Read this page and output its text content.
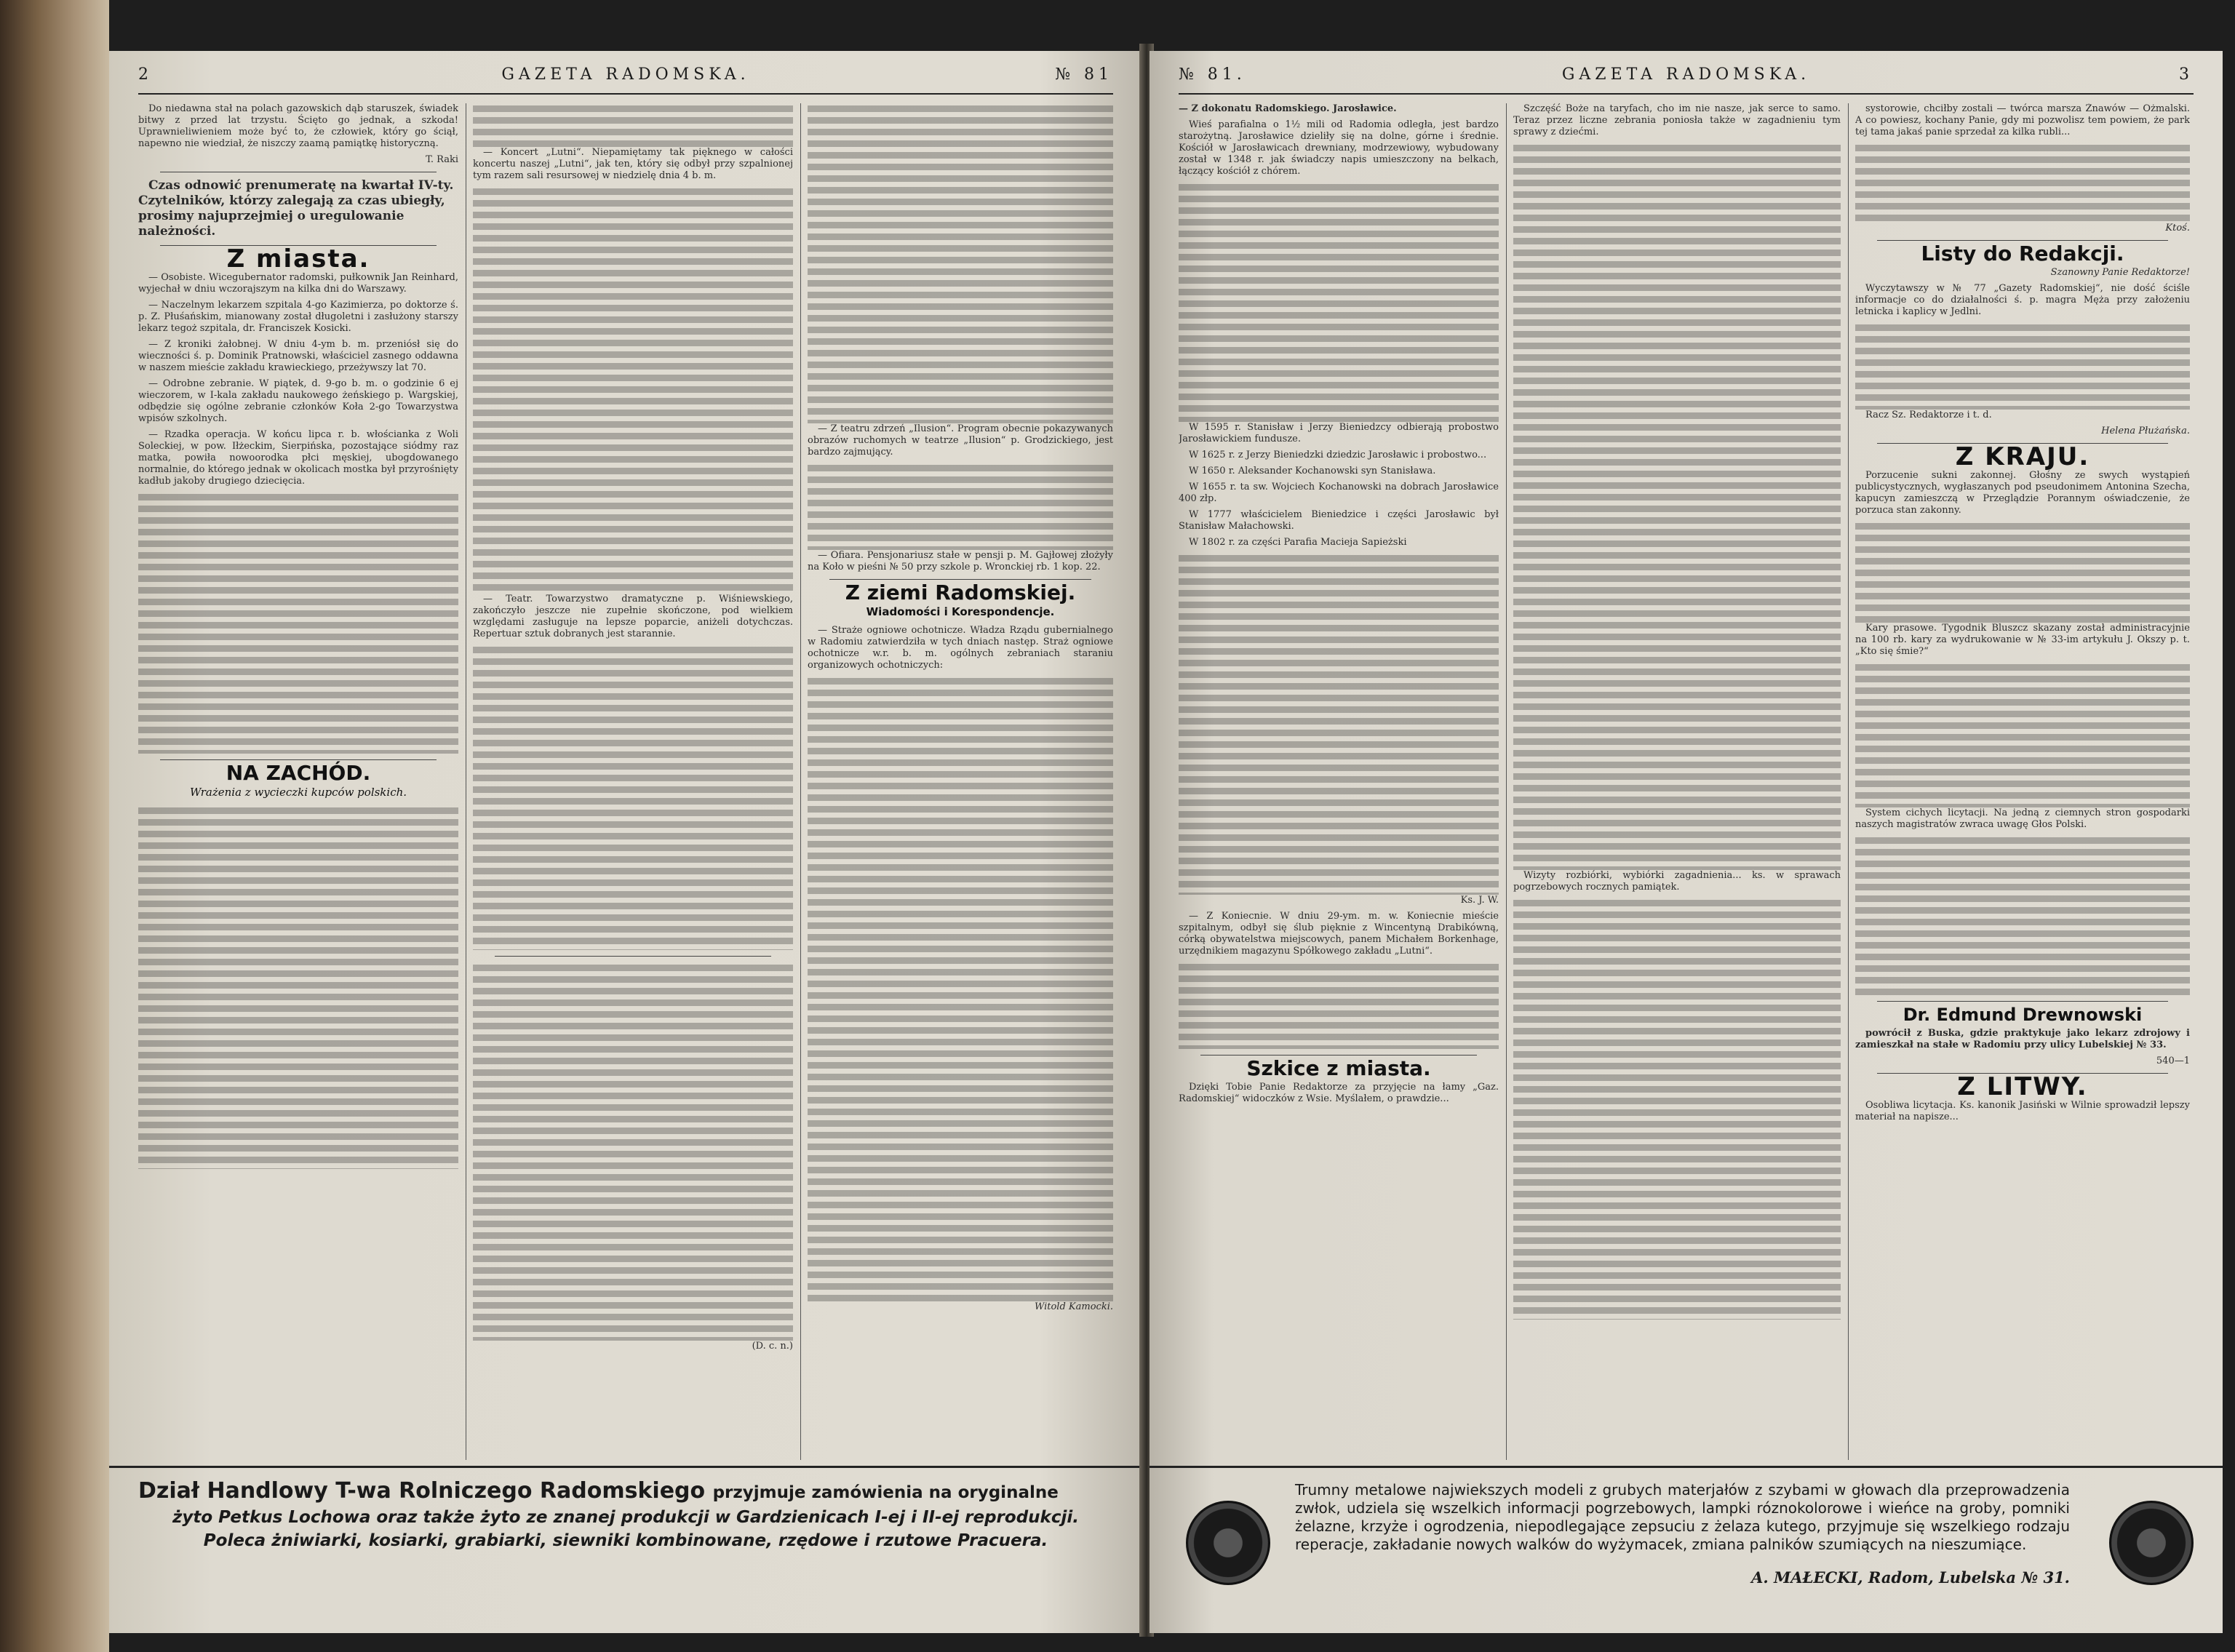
2	GAZETA RADOMSKA.	№ 81

Do niedawna stał na polach gazowskich dąb staruszek, świadek bitwy z przed lat trzystu. Ścięto go jednak, a szkoda! Uprawnieliwieniem może być to, że człowiek, który go ściął, napewno nie wiedział, że niszczy zaamą pamiątkę historyczną.

T. Raki

Czas odnowić prenumeratę na kwartał IV-ty. Czytelników, którzy zalegają za czas ubiegły, prosimy najuprzejmiej o uregulowanie należności.

Z miasta.

— Osobiste. Wicegubernator radomski, pułkownik Jan Reinhard, wyjechał w dniu wczorajszym na kilka dni do Warszawy.

— Naczelnym lekarzem szpitala 4-go Kazimierza, po doktorze ś. p. Z. Płuśańskim, mianowany został długoletni i zasłużony starszy lekarz tegoż szpitala, dr. Franciszek Kosicki.

— Z kroniki żałobnej. W dniu 4-ym b. m. przeniósł się do wieczności ś. p. Dominik Pratnowski, właściciel zasnego oddawna w naszem mieście zakładu krawieckiego, przeżywszy lat 70.

— Odrobne zebranie. W piątek, d. 9-go b. m. o godzinie 6 ej wieczorem, w I-kala zakładu naukowego żeńskiego p. Wargskiej, odbędzie się ogólne zebranie członków Koła 2-go Towarzystwa wpisów szkolnych.

— Rzadka operacja. W końcu lipca r. b. włościanka z Woli Soleckiej, w pow. Iłżeckim, Sierpińska, pozostające siódmy raz matka, powiła nowoorodka płci męskiej, ubogdowanego normalnie, do którego jednak w okolicach mostka był przyrośnięty kadłub jakoby drugiego dziecięcia.

NA ZACHÓD.
Wrażenia z wycieczki kupców polskich.

— Koncert „Lutni“. Niepamiętamy tak pięknego w całości koncertu naszej „Lutni“, jak ten, który się odbył przy szpalnionej tym razem sali resursowej w niedzielę dnia 4 b. m.

— Teatr. Towarzystwo dramatyczne p. Wiśniewskiego, zakończyło jeszcze nie zupełnie skończone, pod wielkiem względami zasługuje na lepsze poparcie, aniżeli dotychczas. Repertuar sztuk dobranych jest starannie.

(D. c. n.)

— Z teatru zdrzeń „Ilusion“. Program obecnie pokazywanych obrazów ruchomych w teatrze „Ilusion“ p. Grodzickiego, jest bardzo zajmujący.

— Ofiara. Pensjonariusz stałe w pensji p. M. Gajłowej złożyły na Koło w pieśni № 50 przy szkole p. Wronckiej rb. 1 kop. 22.

Z ziemi Radomskiej.
Wiadomości i Korespondencje.

— Straże ogniowe ochotnicze. Władza Rządu gubernialnego w Radomiu zatwierdziła w tych dniach następ. Straż ogniowe ochotnicze w.r. b. m. ogólnych zebraniach staraniu organizowych ochotniczych:

Witold Kamocki.

Dział Handlowy T-wa Rolniczego Radomskiego przyjmuje zamówienia na oryginalne
żyto Petkus Lochowa oraz także żyto ze znanej produkcji w Gardzienicach I-ej i II-ej reprodukcji.
Poleca żniwiarki, kosiarki, grabiarki, siewniki kombinowane, rzędowe i rzutowe Pracuera.
№ 81.	GAZETA RADOMSKA.	3

— Z dokonatu Radomskiego. Jarosławice.

Wieś parafialna o 1½ mili od Radomia odległa, jest bardzo starożytną. Jarosławice dzieliły się na dolne, górne i średnie. Kościół w Jarosławicach drewniany, modrzewiowy, wybudowany został w 1348 r. jak świadczy napis umieszczony na belkach, łączący kościół z chórem.

W 1595 r. Stanisław i Jerzy Bieniedzcy odbierają probostwo Jarosławickiem fundusze.

W 1625 r. z Jerzy Bieniedzki dziedzic Jarosławic i probostwo...

W 1650 r. Aleksander Kochanowski syn Stanisława.

W 1655 r. ta sw. Wojciech Kochanowski na dobrach Jarosławice 400 złp.

W 1777 właścicielem Bieniedzice i części Jarosławic był Stanisław Małachowski.

W 1802 r. za części Parafia Macieja Sapieżski

Ks. J. W.

— Z Koniecnie. W dniu 29-ym. m. w. Koniecnie mieście szpitalnym, odbył się ślub pięknie z Wincentyną Drabikówną, córką obywatelstwa miejscowych, panem Michałem Borkenhage, urzędnikiem magazynu Spółkowego zakładu „Lutni“.

Szkice z miasta.

Dzięki Tobie Panie Redaktorze za przyjęcie na łamy „Gaz. Radomskiej“ widoczków z Wsie. Myślałem, o prawdzie...

Szczęść Boże na taryfach, cho im nie nasze, jak serce to samo. Teraz przez liczne zebrania poniosła także w zagadnieniu tym sprawy z dziećmi.

Wizyty rozbiórki, wybiórki zagadnienia... ks. w sprawach pogrzebowych rocznych pamiątek.

systorowie, chciłby zostali — twórca marsza Żnawów — Ożmalski. A co powiesz, kochany Panie, gdy mi pozwolisz tem powiem, że park tej tama jakaś panie sprzedał za kilka rubli...

Ktoś.

Listy do Redakcji.

Szanowny Panie Redaktorze!

Wyczytawszy w № 77 „Gazety Radomskiej“, nie dość ściśle informacje co do działalności ś. p. magra Męża przy założeniu letnicka i kaplicy w Jedlni.

Racz Sz. Redaktorze i t. d.

Helena Płużańska.

Z KRAJU.

Porzucenie sukni zakonnej. Głośny ze swych wystąpień publicystycznych, wygłaszanych pod pseudonimem Antonina Szecha, kapucyn zamieszczą w Przeglądzie Porannym oświadczenie, że porzuca stan zakonny.

Kary prasowe. Tygodnik Bluszcz skazany został administracyjnie na 100 rb. kary za wydrukowanie w № 33-im artykułu J. Okszy p. t. „Kto się śmie?“

System cichych licytacji. Na jedną z ciemnych stron gospodarki naszych magistratów zwraca uwagę Głos Polski.

Dr. Edmund Drewnowski

powrócił z Buska, gdzie praktykuje jako lekarz zdrojowy i zamieszkał na stałe w Radomiu przy ulicy Lubelskiej № 33.

540—1

Z LITWY.

Osobliwa licytacja. Ks. kanonik Jasiński w Wilnie sprowadził lepszy materiał na napisze...

Trumny metalowe najwiekszych modeli z grubych materjałów z szybami w głowach dla przeprowadzenia zwłok, udziela się wszelkich informacji pogrzebowych, lampki róznokolorowe i wieńce na groby, pomniki żelazne, krzyże i ogrodzenia, niepodlegające zepsuciu z żelaza kutego, przyjmuje się wszelkiego rodzaju reperacje, zakładanie nowych walków do wyżymacek, zmiana palników szumiących na nieszumiące.
A. MAŁECKI, Radom, Lubelska № 31.
